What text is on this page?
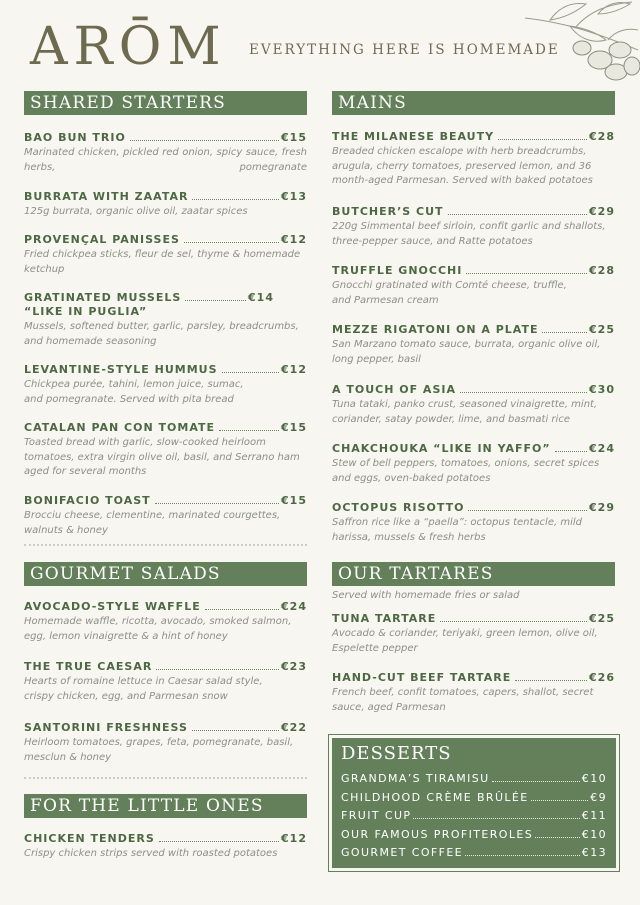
ARŌM EVERYTHING HERE IS HOMEMADE
SHARED STARTERS
BAO BUN TRIO	€15
Marinated chicken, pickled red onion, spicy sauce, fresh herbs, pomegranate
BURRATA WITH ZAATAR	€13
125g burrata, organic olive oil, zaatar spices
PROVENÇAL PANISSES	€12
Fried chickpea sticks, fleur de sel, thyme & homemade ketchup
GRATINATED MUSSELS	€14
“LIKE IN PUGLIA”
Mussels, softened butter, garlic, parsley, breadcrumbs, and homemade seasoning
LEVANTINE-STYLE HUMMUS	€12
Chickpea purée, tahini, lemon juice, sumac, and pomegranate. Served with pita bread
CATALAN PAN CON TOMATE	€15
Toasted bread with garlic, slow-cooked heirloom tomatoes, extra virgin olive oil, basil, and Serrano ham aged for several months
BONIFACIO TOAST	€15
Brocciu cheese, clementine, marinated courgettes, walnuts & honey
GOURMET SALADS
AVOCADO-STYLE WAFFLE	€24
Homemade waffle, ricotta, avocado, smoked salmon, egg, lemon vinaigrette & a hint of honey
THE TRUE CAESAR	€23
Hearts of romaine lettuce in Caesar salad style, crispy chicken, egg, and Parmesan snow
SANTORINI FRESHNESS	€22
Heirloom tomatoes, grapes, feta, pomegranate, basil, mesclun & honey
FOR THE LITTLE ONES
CHICKEN TENDERS	€12
Crispy chicken strips served with roasted potatoes
MAINS
THE MILANESE BEAUTY	€28
Breaded chicken escalope with herb breadcrumbs, arugula, cherry tomatoes, preserved lemon, and 36 month-aged Parmesan. Served with baked potatoes
BUTCHER’S CUT	€29
220g Simmental beef sirloin, confit garlic and shallots, three-pepper sauce, and Ratte potatoes
TRUFFLE GNOCCHI	€28
Gnocchi gratinated with Comté cheese, truffle, and Parmesan cream
MEZZE RIGATONI ON A PLATE	€25
San Marzano tomato sauce, burrata, organic olive oil, long pepper, basil
A TOUCH OF ASIA	€30
Tuna tataki, panko crust, seasoned vinaigrette, mint, coriander, satay powder, lime, and basmati rice
CHAKCHOUKA “LIKE IN YAFFO”	€24
Stew of bell peppers, tomatoes, onions, secret spices and eggs, oven-baked potatoes
OCTOPUS RISOTTO	€29
Saffron rice like a “paella”: octopus tentacle, mild harissa, mussels & fresh herbs
OUR TARTARES
Served with homemade fries or salad
TUNA TARTARE	€25
Avocado & coriander, teriyaki, green lemon, olive oil, Espelette pepper
HAND-CUT BEEF TARTARE	€26
French beef, confit tomatoes, capers, shallot, secret sauce, aged Parmesan
DESSERTS
GRANDMA’S TIRAMISU	€10
CHILDHOOD CRÈME BRÛLÉE	€9
FRUIT CUP	€11
OUR FAMOUS PROFITEROLES	€10
GOURMET COFFEE	€13
